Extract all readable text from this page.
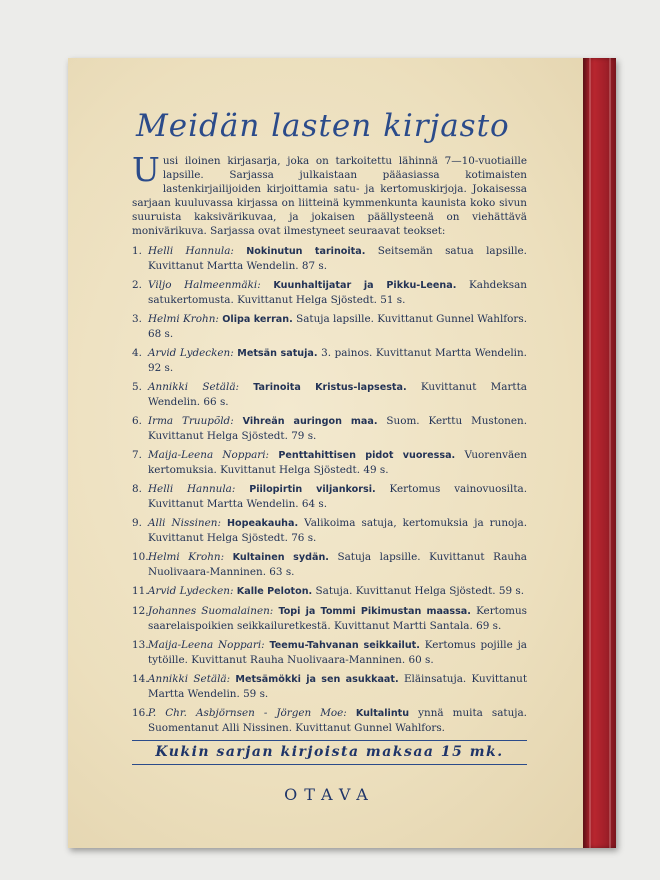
Meidän lasten kirjasto

Uusi iloinen kirjasarja, joka on tarkoitettu lähinnä 7—10-vuotiaille lapsille. Sarjassa julkaistaan pääasiassa kotimaisten lastenkirjailijoiden kirjoittamia satu- ja kertomuskirjoja. Jokaisessa sarjaan kuuluvassa kirjassa on liitteinä kymmenkunta kaunista koko sivun suuruista kaksivärikuvaa, ja jokaisen päällysteenä on viehättävä monivärikuva. Sarjassa ovat ilmestyneet seuraavat teokset:

1. Helli Hannula: Nokinutun tarinoita. Seitsemän satua lapsille. Kuvittanut Martta Wendelin. 87 s.
2. Viljo Halmeenmäki: Kuunhaltijatar ja Pikku-Leena. Kahdeksan satukertomusta. Kuvittanut Helga Sjöstedt. 51 s.
3. Helmi Krohn: Olipa kerran. Satuja lapsille. Kuvittanut Gunnel Wahlfors. 68 s.
4. Arvid Lydecken: Metsän satuja. 3. painos. Kuvittanut Martta Wendelin. 92 s.
5. Annikki Setälä: Tarinoita Kristus-lapsesta. Kuvittanut Martta Wendelin. 66 s.
6. Irma Truupõld: Vihreän auringon maa. Suom. Kerttu Mustonen. Kuvittanut Helga Sjöstedt. 79 s.
7. Maija-Leena Noppari: Penttahittisen pidot vuoressa. Vuorenväen kertomuksia. Kuvittanut Helga Sjöstedt. 49 s.
8. Helli Hannula: Piilopirtin viljankorsi. Kertomus vainovuosilta. Kuvittanut Martta Wendelin. 64 s.
9. Alli Nissinen: Hopeakauha. Valikoima satuja, kertomuksia ja runoja. Kuvittanut Helga Sjöstedt. 76 s.
10. Helmi Krohn: Kultainen sydän. Satuja lapsille. Kuvittanut Rauha Nuolivaara-Manninen. 63 s.
11. Arvid Lydecken: Kalle Peloton. Satuja. Kuvittanut Helga Sjöstedt. 59 s.
12. Johannes Suomalainen: Topi ja Tommi Pikimustan maassa. Kertomus saarelaispoikien seikkailuretkestä. Kuvittanut Martti Santala. 69 s.
13. Maija-Leena Noppari: Teemu-Tahvanan seikkailut. Kertomus pojille ja tytöille. Kuvittanut Rauha Nuolivaara-Manninen. 60 s.
14. Annikki Setälä: Metsämökki ja sen asukkaat. Eläinsatuja. Kuvittanut Martta Wendelin. 59 s.
16. P. Chr. Asbjörnsen - Jörgen Moe: Kultalintu ynnä muita satuja. Suomentanut Alli Nissinen. Kuvittanut Gunnel Wahlfors.
Kukin sarjan kirjoista maksaa 15 mk.
OTAVA
